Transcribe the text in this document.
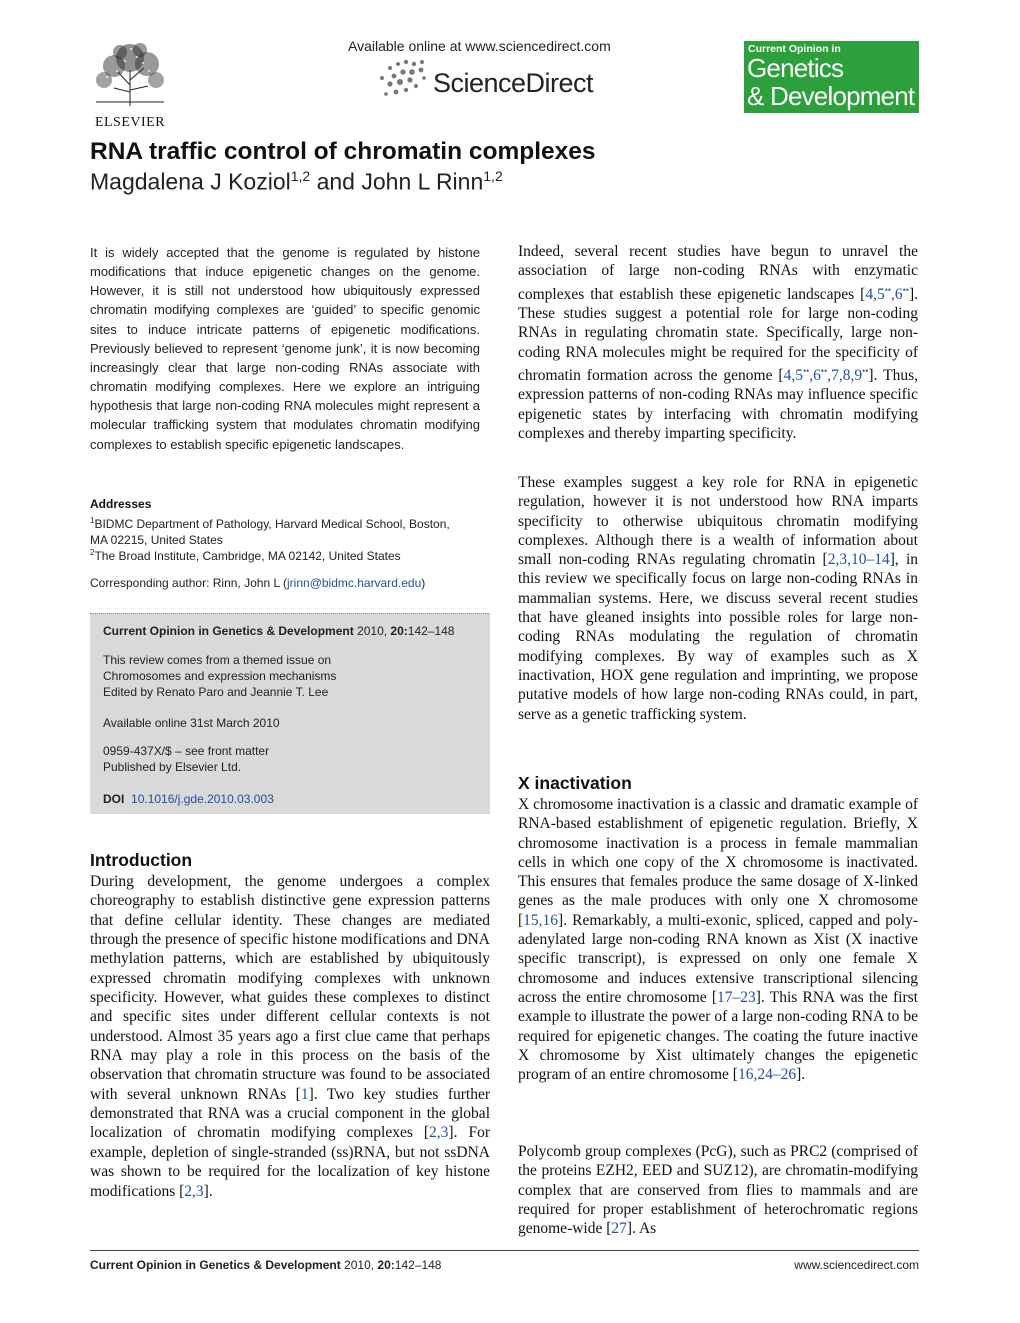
ELSEVIER
Available online at www.sciencedirect.com
ScienceDirect
Current Opinion in
Genetics
& Development
RNA traffic control of chromatin complexes
Magdalena J Koziol$^{1,2}$ and John L Rinn$^{1,2}$
It is widely accepted that the genome is regulated by histone modifications that induce epigenetic changes on the genome. However, it is still not understood how ubiquitously expressed chromatin modifying complexes are ‘guided’ to specific genomic sites to induce intricate patterns of epigenetic modifications. Previously believed to represent ‘genome junk’, it is now becoming increasingly clear that large non-coding RNAs associate with chromatin modifying complexes. Here we explore an intriguing hypothesis that large non-coding RNA molecules might represent a molecular trafficking system that modulates chromatin modifying complexes to establish specific epigenetic landscapes.
Addresses
$^1$BIDMC Department of Pathology, Harvard Medical School, Boston,
MA 02215, United States
$^2$The Broad Institute, Cambridge, MA 02142, United States
Corresponding author: Rinn, John L (jrinn@bidmc.harvard.edu)
Current Opinion in Genetics & Development 2010, 20:142–148
This review comes from a themed issue on
Chromosomes and expression mechanisms
Edited by Renato Paro and Jeannie T. Lee
Available online 31st March 2010
0959-437X/$ – see front matter
Published by Elsevier Ltd.
DOI 10.1016/j.gde.2010.03.003
Introduction
During development, the genome undergoes a complex choreography to establish distinctive gene expression patterns that define cellular identity. These changes are mediated through the presence of specific histone modifications and DNA methylation patterns, which are established by ubiquitously expressed chromatin modifying complexes with unknown specificity. However, what guides these complexes to distinct and specific sites under different cellular contexts is not understood. Almost 35 years ago a first clue came that perhaps RNA may play a role in this process on the basis of the observation that chromatin structure was found to be associated with several unknown RNAs [1]. Two key studies further demonstrated that RNA was a crucial component in the global localization of chromatin modifying complexes [2,3]. For example, depletion of single-stranded (ss)RNA, but not ssDNA was shown to be required for the localization of key histone modifications [2,3].
Indeed, several recent studies have begun to unravel the association of large non-coding RNAs with enzymatic complexes that establish these epigenetic landscapes [4,5••,6••]. These studies suggest a potential role for large non-coding RNAs in regulating chromatin state. Specifically, large non-coding RNA molecules might be required for the specificity of chromatin formation across the genome [4,5••,6••,7,8,9••]. Thus, expression patterns of non-coding RNAs may influence specific epigenetic states by interfacing with chromatin modifying complexes and thereby imparting specificity.
These examples suggest a key role for RNA in epigenetic regulation, however it is not understood how RNA imparts specificity to otherwise ubiquitous chromatin modifying complexes. Although there is a wealth of information about small non-coding RNAs regulating chromatin [2,3,10–14], in this review we specifically focus on large non-coding RNAs in mammalian systems. Here, we discuss several recent studies that have gleaned insights into possible roles for large non-coding RNAs modulating the regulation of chromatin modifying complexes. By way of examples such as X inactivation, HOX gene regulation and imprinting, we propose putative models of how large non-coding RNAs could, in part, serve as a genetic trafficking system.
X inactivation
X chromosome inactivation is a classic and dramatic example of RNA-based establishment of epigenetic regulation. Briefly, X chromosome inactivation is a process in female mammalian cells in which one copy of the X chromosome is inactivated. This ensures that females produce the same dosage of X-linked genes as the male produces with only one X chromosome [15,16]. Remarkably, a multi-exonic, spliced, capped and poly-adenylated large non-coding RNA known as Xist (X inactive specific transcript), is expressed on only one female X chromosome and induces extensive transcriptional silencing across the entire chromosome [17–23]. This RNA was the first example to illustrate the power of a large non-coding RNA to be required for epigenetic changes. The coating the future inactive X chromosome by Xist ultimately changes the epigenetic program of an entire chromosome [16,24–26].
Polycomb group complexes (PcG), such as PRC2 (comprised of the proteins EZH2, EED and SUZ12), are chromatin-modifying complex that are conserved from flies to mammals and are required for proper establishment of heterochromatic regions genome-wide [27]. As
Current Opinion in Genetics & Development 2010, 20:142–148	www.sciencedirect.com
